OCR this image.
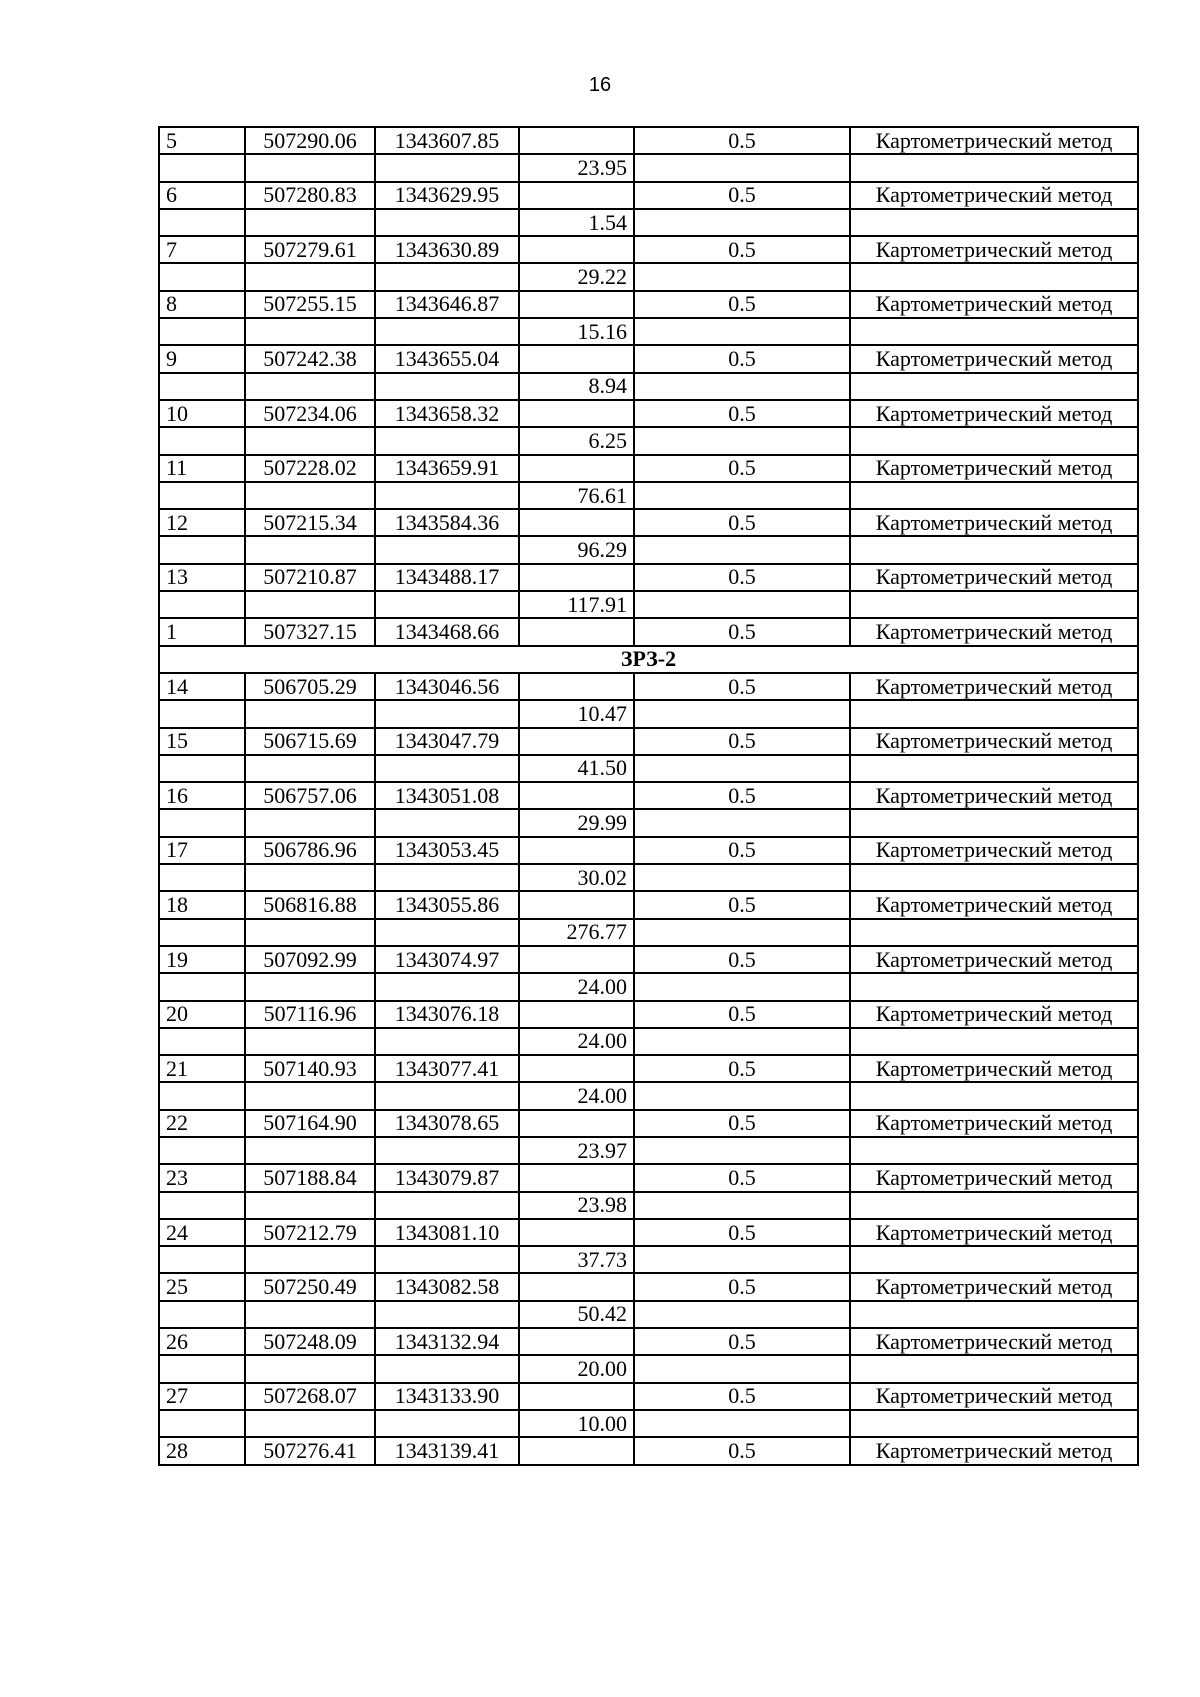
16
5	507290.06	1343607.85		0.5	Картометрический метод
			23.95		
6	507280.83	1343629.95		0.5	Картометрический метод
			1.54		
7	507279.61	1343630.89		0.5	Картометрический метод
			29.22		
8	507255.15	1343646.87		0.5	Картометрический метод
			15.16		
9	507242.38	1343655.04		0.5	Картометрический метод
			8.94		
10	507234.06	1343658.32		0.5	Картометрический метод
			6.25		
11	507228.02	1343659.91		0.5	Картометрический метод
			76.61		
12	507215.34	1343584.36		0.5	Картометрический метод
			96.29		
13	507210.87	1343488.17		0.5	Картометрический метод
			117.91		
1	507327.15	1343468.66		0.5	Картометрический метод
ЗРЗ-2					
14	506705.29	1343046.56		0.5	Картометрический метод
			10.47		
15	506715.69	1343047.79		0.5	Картометрический метод
			41.50		
16	506757.06	1343051.08		0.5	Картометрический метод
			29.99		
17	506786.96	1343053.45		0.5	Картометрический метод
			30.02		
18	506816.88	1343055.86		0.5	Картометрический метод
			276.77		
19	507092.99	1343074.97		0.5	Картометрический метод
			24.00		
20	507116.96	1343076.18		0.5	Картометрический метод
			24.00		
21	507140.93	1343077.41		0.5	Картометрический метод
			24.00		
22	507164.90	1343078.65		0.5	Картометрический метод
			23.97		
23	507188.84	1343079.87		0.5	Картометрический метод
			23.98		
24	507212.79	1343081.10		0.5	Картометрический метод
			37.73		
25	507250.49	1343082.58		0.5	Картометрический метод
			50.42		
26	507248.09	1343132.94		0.5	Картометрический метод
			20.00		
27	507268.07	1343133.90		0.5	Картометрический метод
			10.00		
28	507276.41	1343139.41		0.5	Картометрический метод
